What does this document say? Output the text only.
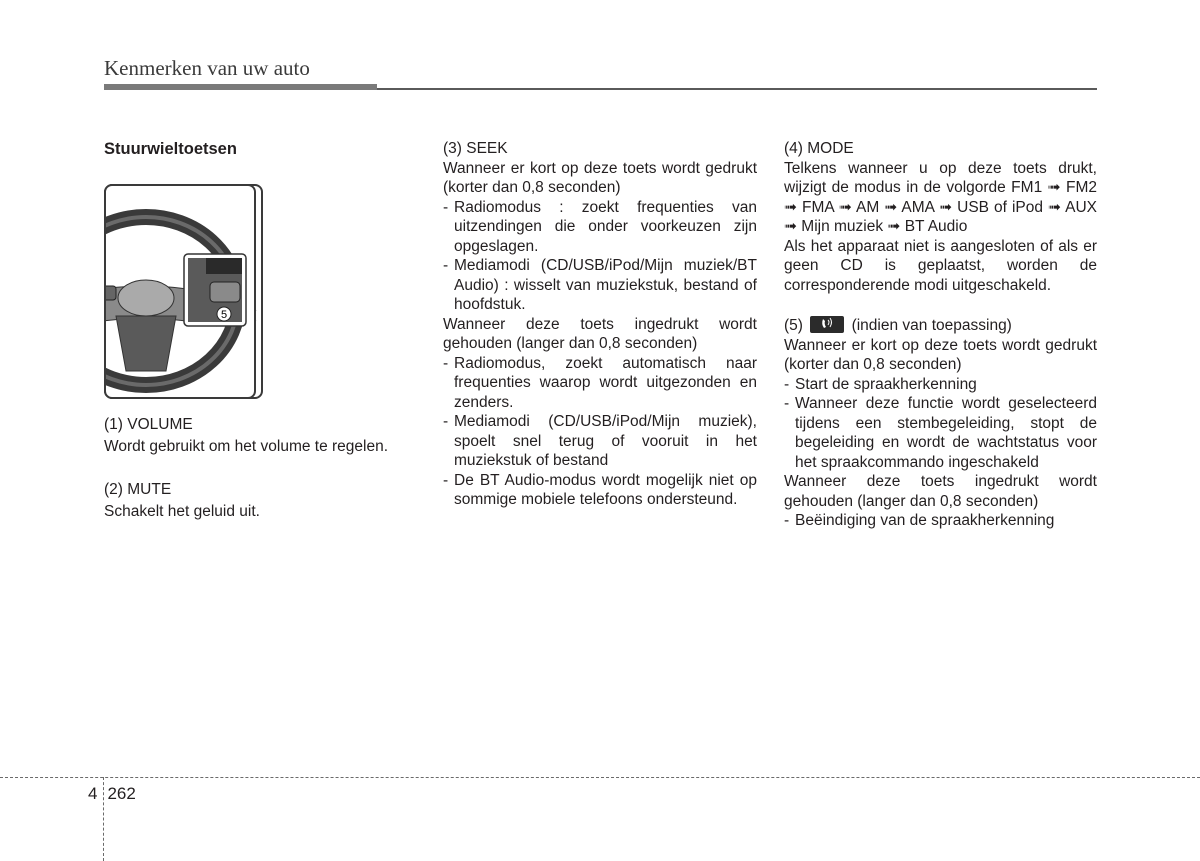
Kenmerken van uw auto

Stuurwieltoetsen

5

(1) VOLUME

Wordt gebruikt om het volume te regelen.

(2) MUTE

Schakelt het geluid uit.

(3) SEEK

Wanneer er kort op deze toets wordt gedrukt (korter dan 0,8 seconden)

- Radiomodus : zoekt frequenties van uitzendingen die onder voorkeuzen zijn opgeslagen.
- Mediamodi (CD/USB/iPod/Mijn muziek/BT Audio) : wisselt van muziekstuk, bestand of hoofdstuk.

Wanneer deze toets ingedrukt wordt gehouden (langer dan 0,8 seconden)

- Radiomodus, zoekt automatisch naar frequenties waarop wordt uitgezonden en zenders.
- Mediamodi (CD/USB/iPod/Mijn muziek), spoelt snel terug of vooruit in het muziekstuk of bestand
- De BT Audio-modus wordt mogelijk niet op sommige mobiele telefoons ondersteund.

(4) MODE

Telkens wanneer u op deze toets drukt, wijzigt de modus in de volgorde FM1 ➟ FM2 ➟ FMA ➟ AM ➟ AMA ➟ USB of iPod ➟ AUX ➟ Mijn muziek ➟ BT Audio

Als het apparaat niet is aangesloten of als er geen CD is geplaatst, worden de corresponderende modi uitgeschakeld.

(5)	(indien van toepassing)

Wanneer er kort op deze toets wordt gedrukt (korter dan 0,8 seconden)

- Start de spraakherkenning
- Wanneer deze functie wordt geselecteerd tijdens een stembegeleiding, stopt de begeleiding en wordt de wachtstatus voor het spraakcommando ingeschakeld

Wanneer deze toets ingedrukt wordt gehouden (langer dan 0,8 seconden)

- Beëindiging van de spraakherkenning
4 262
